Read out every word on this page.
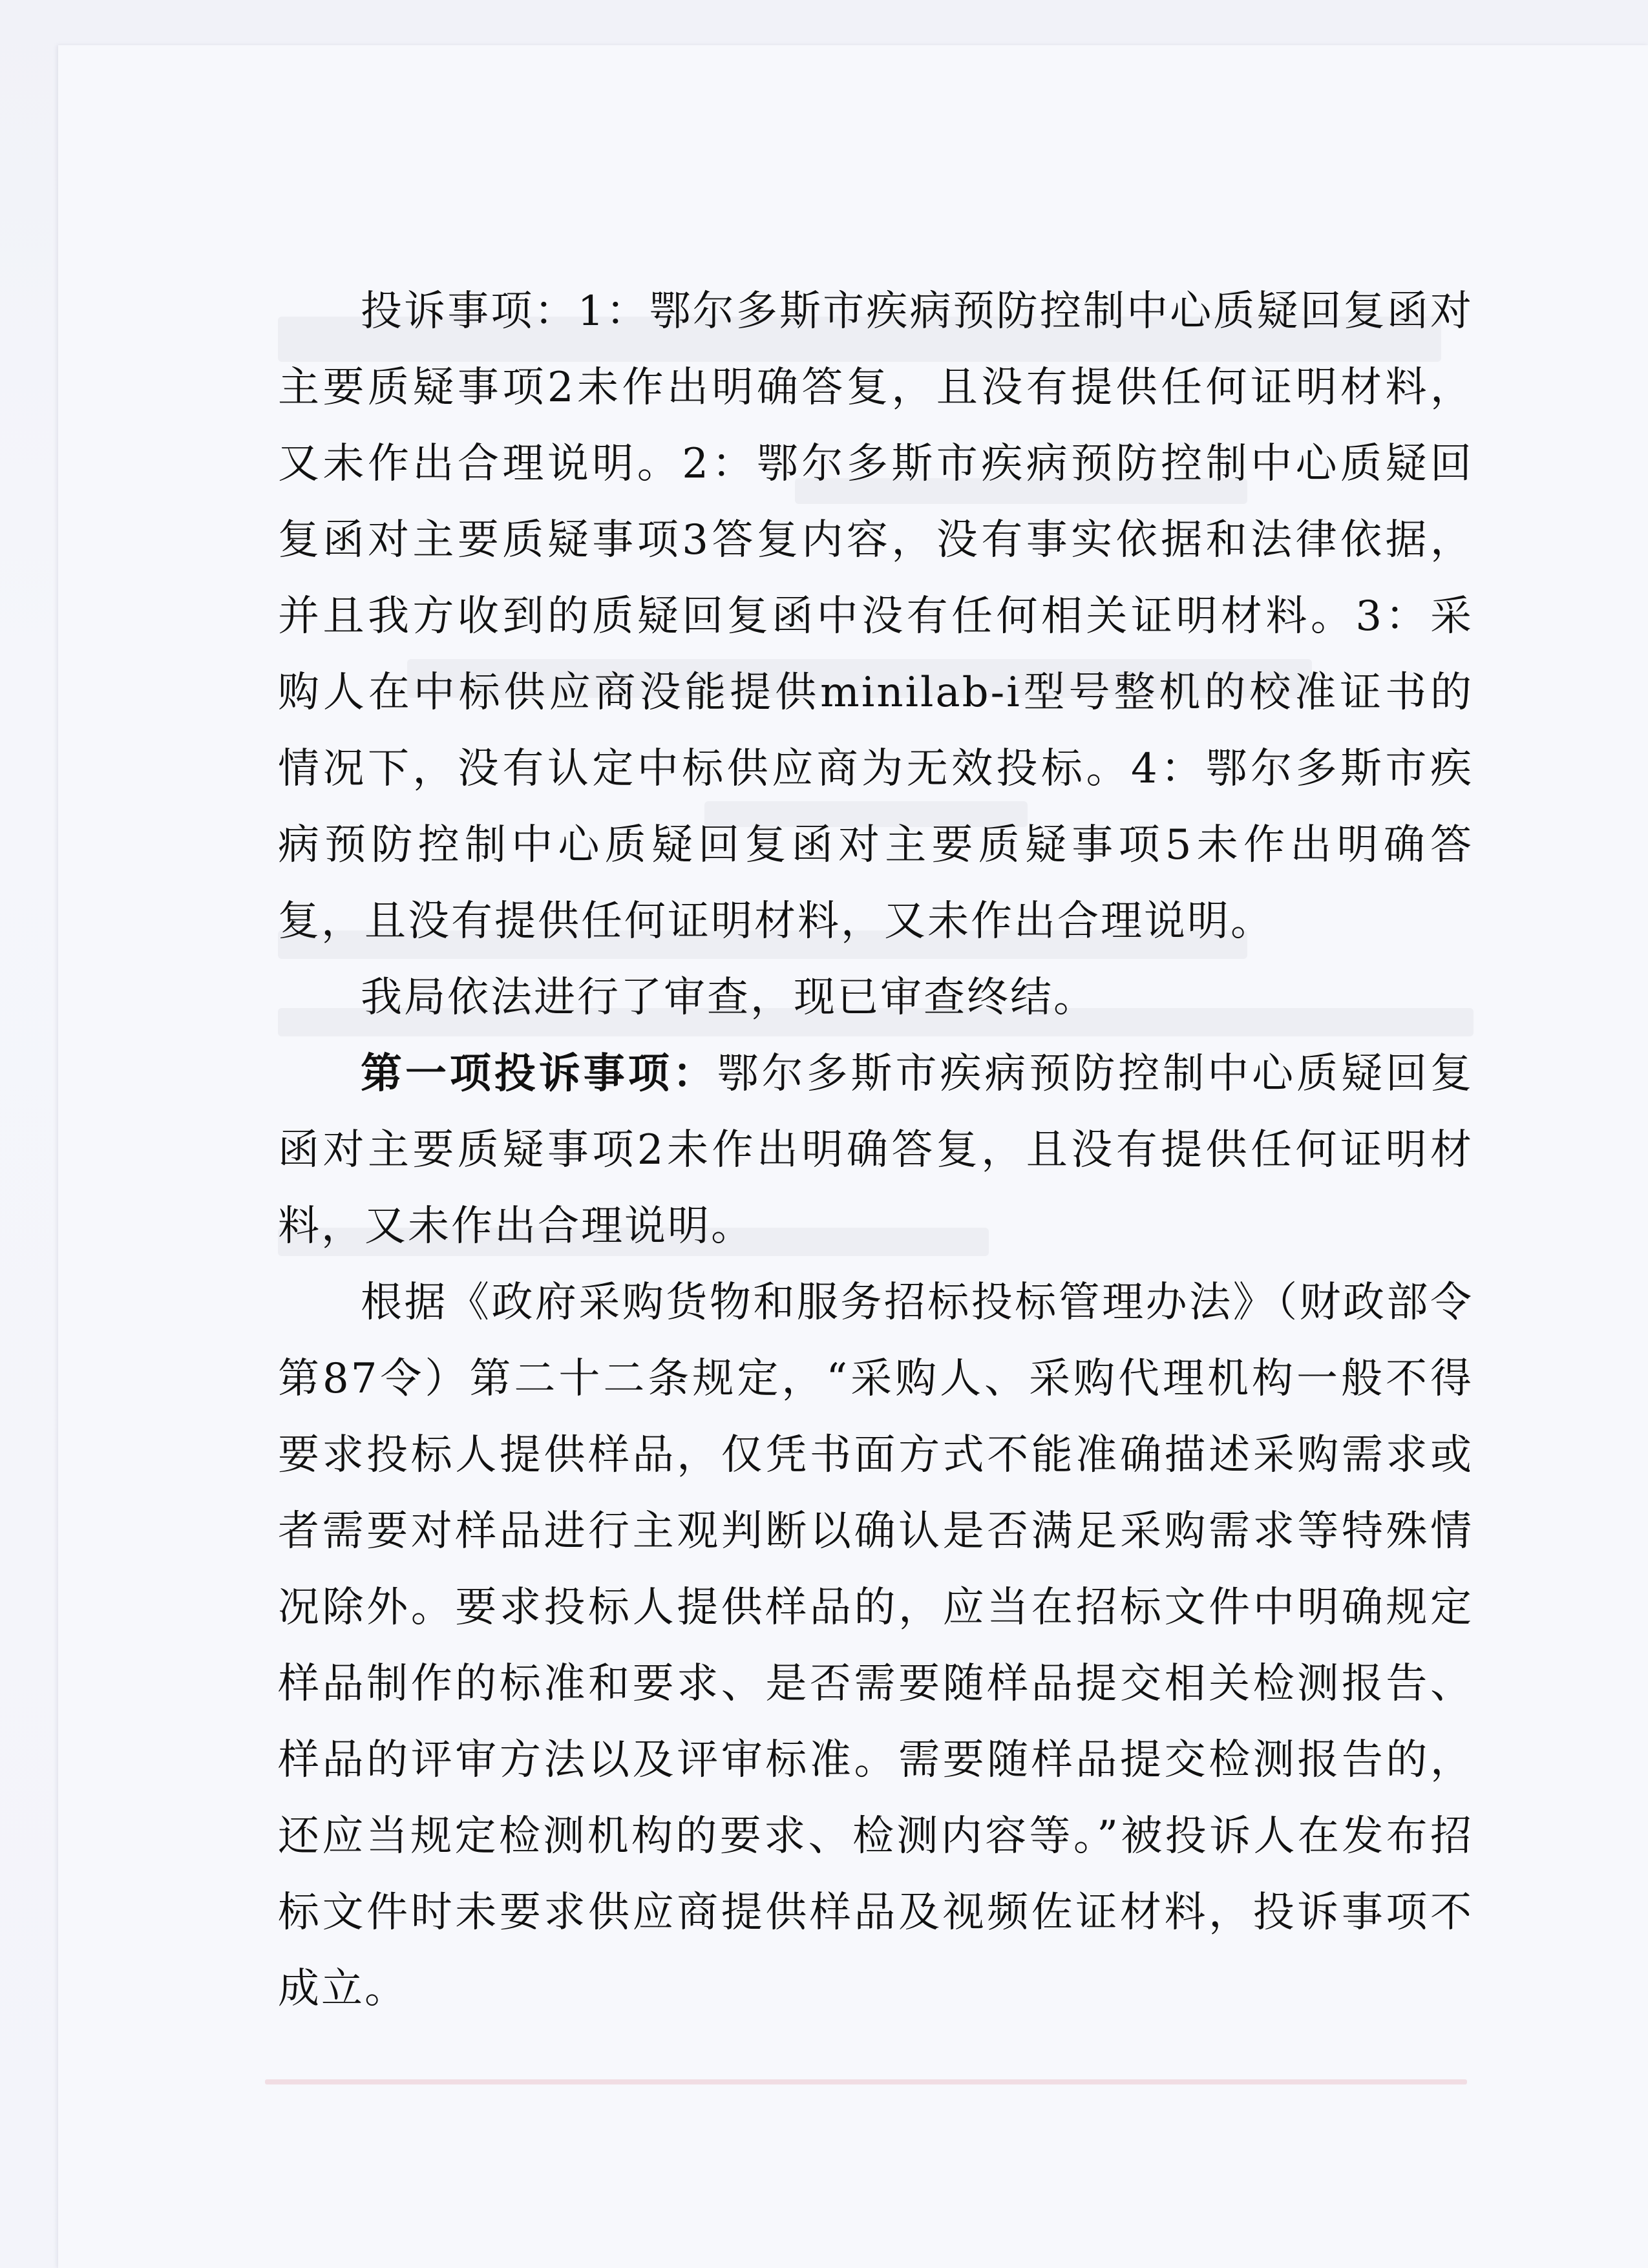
投诉事项：1：鄂尔多斯市疾病预防控制中心质疑回复函对主要质疑事项2未作出明确答复，且没有提供任何证明材料，又未作出合理说明。2：鄂尔多斯市疾病预防控制中心质疑回复函对主要质疑事项3答复内容，没有事实依据和法律依据，并且我方收到的质疑回复函中没有任何相关证明材料。3：采购人在中标供应商没能提供minilab-i型号整机的校准证书的情况下，没有认定中标供应商为无效投标。4：鄂尔多斯市疾病预防控制中心质疑回复函对主要质疑事项5未作出明确答复，且没有提供任何证明材料，又未作出合理说明。

我局依法进行了审查，现已审查终结。

第一项投诉事项：鄂尔多斯市疾病预防控制中心质疑回复函对主要质疑事项2未作出明确答复，且没有提供任何证明材料，又未作出合理说明。

根据《政府采购货物和服务招标投标管理办法》（财政部令第87令）第二十二条规定，“采购人、采购代理机构一般不得要求投标人提供样品，仅凭书面方式不能准确描述采购需求或者需要对样品进行主观判断以确认是否满足采购需求等特殊情况除外。要求投标人提供样品的，应当在招标文件中明确规定样品制作的标准和要求、是否需要随样品提交相关检测报告、样品的评审方法以及评审标准。需要随样品提交检测报告的，还应当规定检测机构的要求、检测内容等。”被投诉人在发布招标文件时未要求供应商提供样品及视频佐证材料，投诉事项不成立。
